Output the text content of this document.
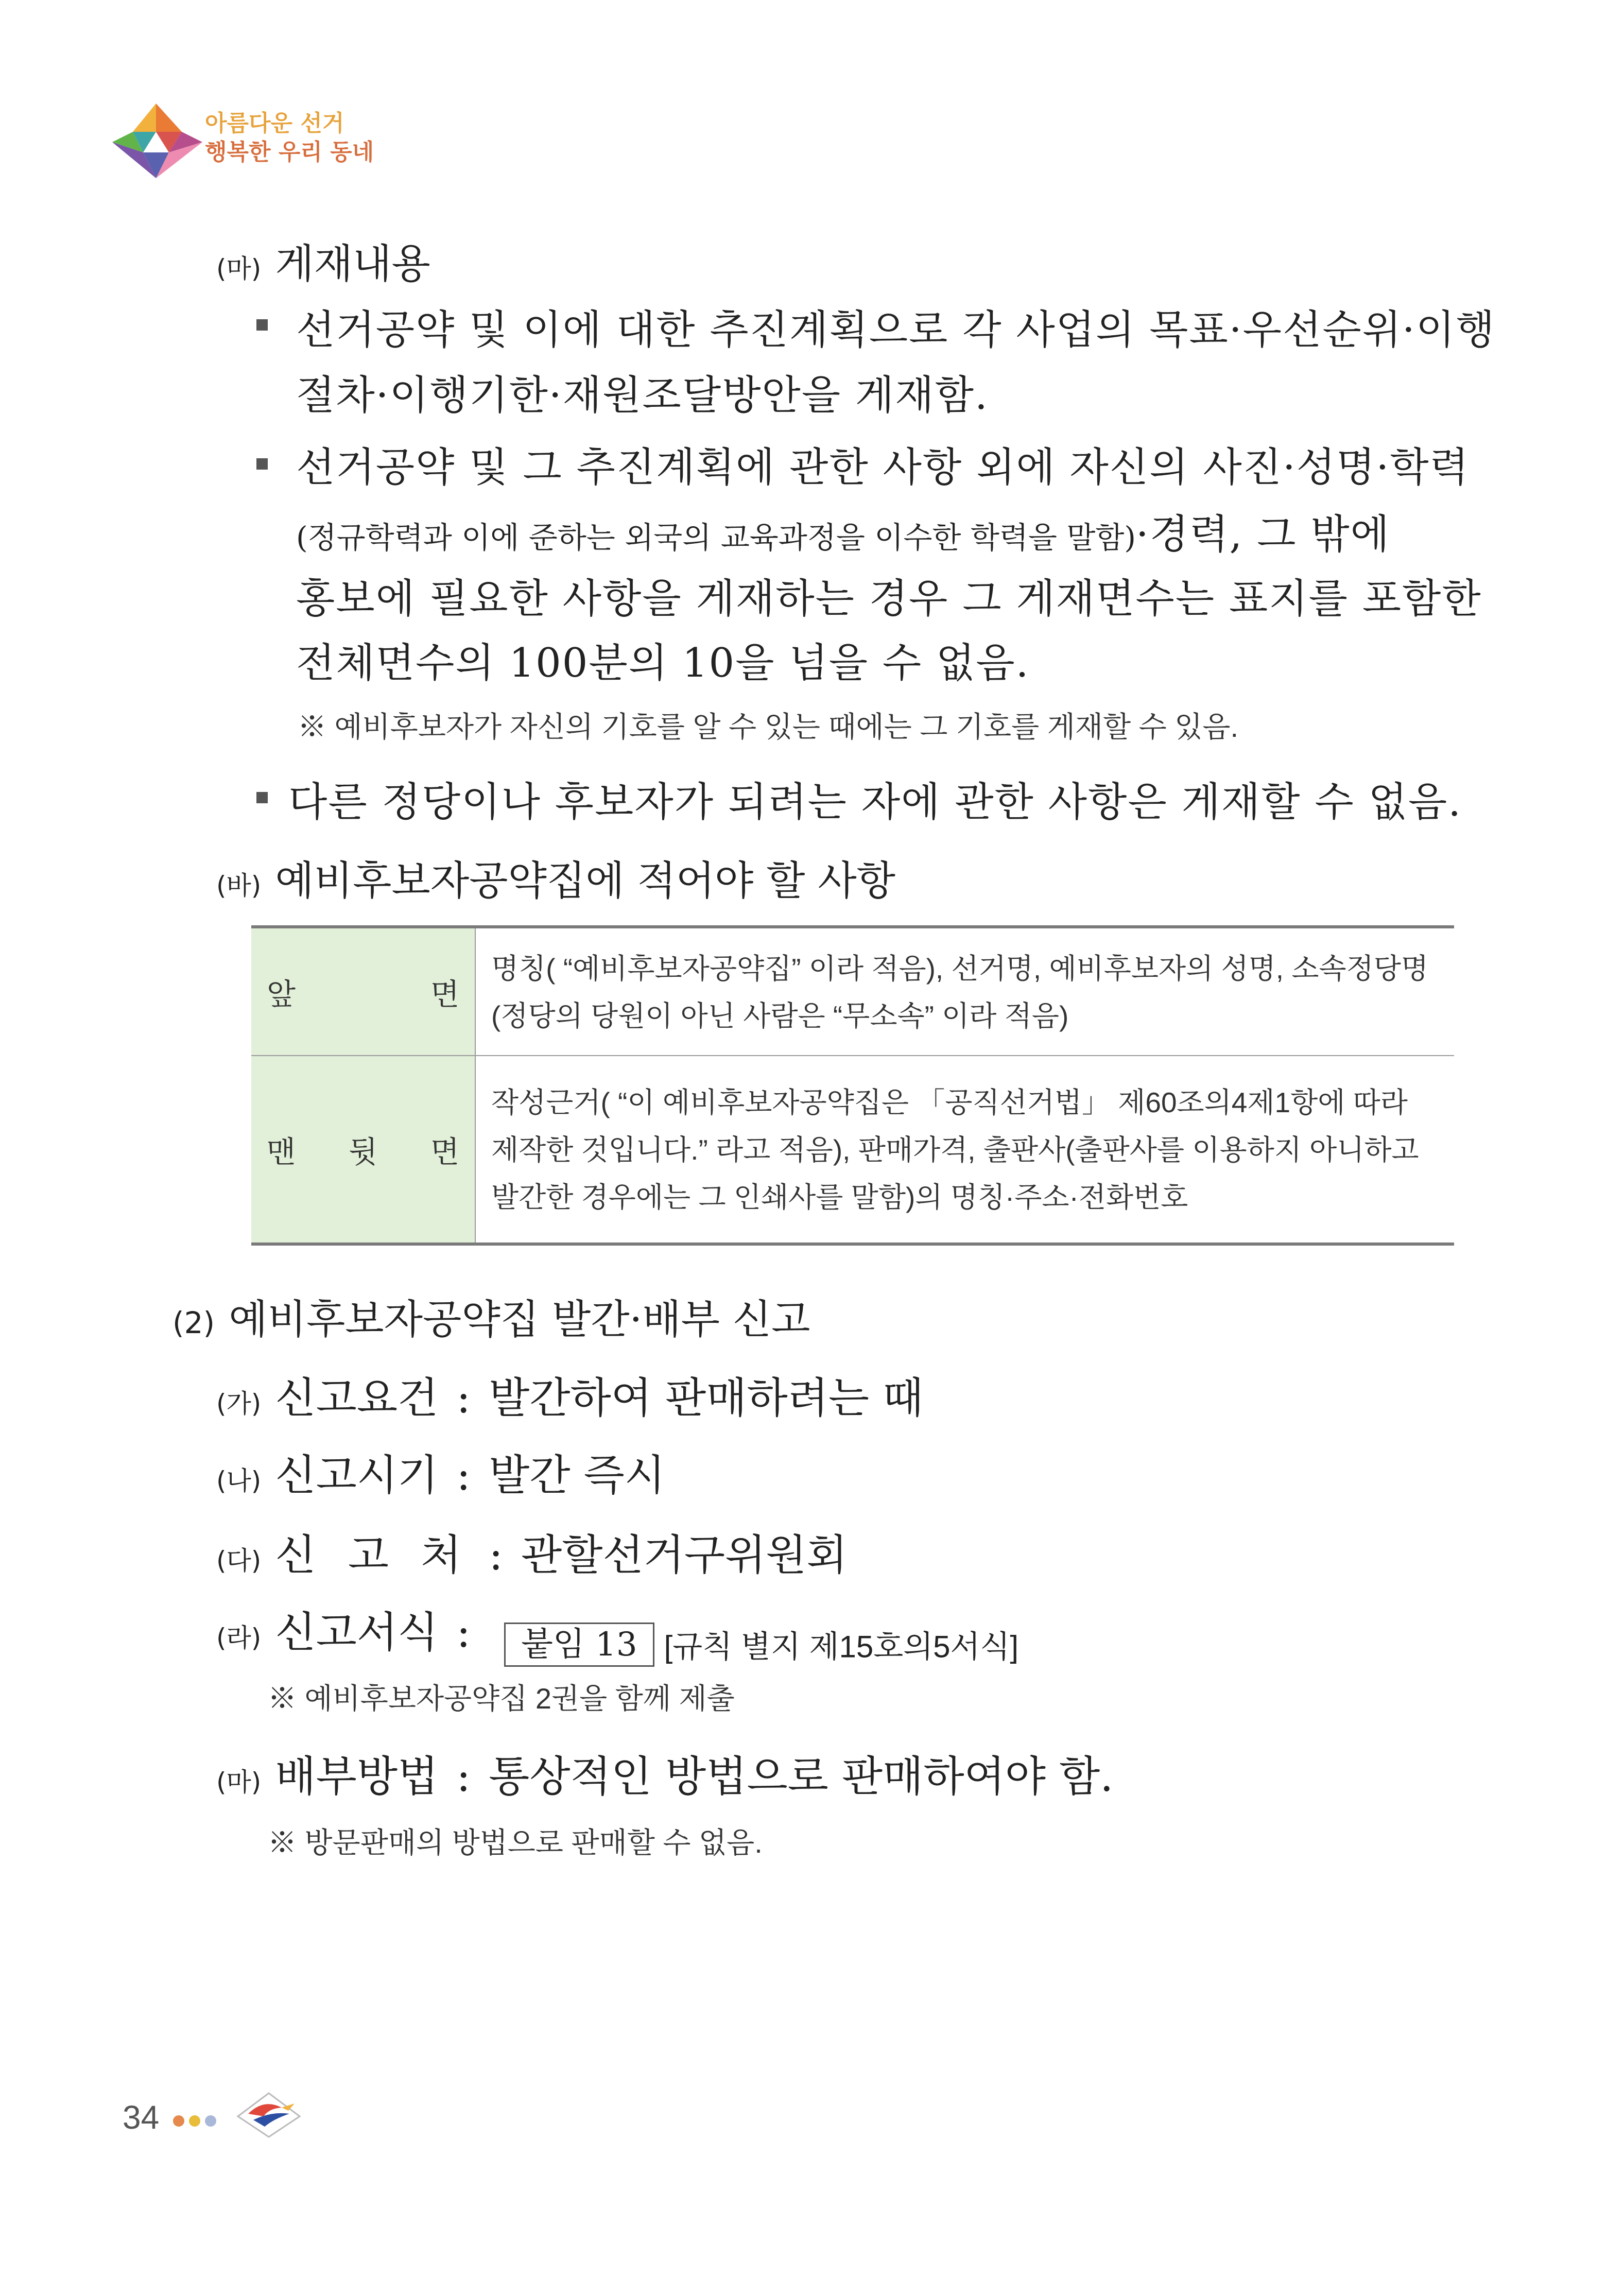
아름다운 선거
행복한 우리 동네
(마) 게재내용
선거공약 및 이에 대한 추진계획으로 각 사업의 목표·우선순위·이행
절차·이행기한·재원조달방안을 게재함.
선거공약 및 그 추진계획에 관한 사항 외에 자신의 사진·성명·학력
(정규학력과 이에 준하는 외국의 교육과정을 이수한 학력을 말함)·경력, 그 밖에
홍보에 필요한 사항을 게재하는 경우 그 게재면수는 표지를 포함한
전체면수의 100분의 10을 넘을 수 없음.
※ 예비후보자가 자신의 기호를 알 수 있는 때에는 그 기호를 게재할 수 있음.
다른 정당이나 후보자가 되려는 자에 관한 사항은 게재할 수 없음.
(바) 예비후보자공약집에 적어야 할 사항
앞 면	명칭( “예비후보자공약집” 이라 적음), 선거명, 예비후보자의 성명, 소속정당명(정당의 당원이 아닌 사람은 “무소속” 이라 적음)

맨 뒷 면	작성근거( “이 예비후보자공약집은 「공직선거법」 제60조의4제1항에 따라 제작한 것입니다.” 라고 적음), 판매가격, 출판사(출판사를 이용하지 아니하고 발간한 경우에는 그 인쇄사를 말함)의 명칭·주소·전화번호
(2) 예비후보자공약집 발간·배부 신고
(가) 신고요건 : 발간하여 판매하려는 때
(나) 신고시기 : 발간 즉시
(다) 신 고 처 : 관할선거구위원회
(라) 신고서식 : 붙임 13 [규칙 별지 제15호의5서식]
※ 예비후보자공약집 2권을 함께 제출
(마) 배부방법 : 통상적인 방법으로 판매하여야 함.
※ 방문판매의 방법으로 판매할 수 없음.
34
